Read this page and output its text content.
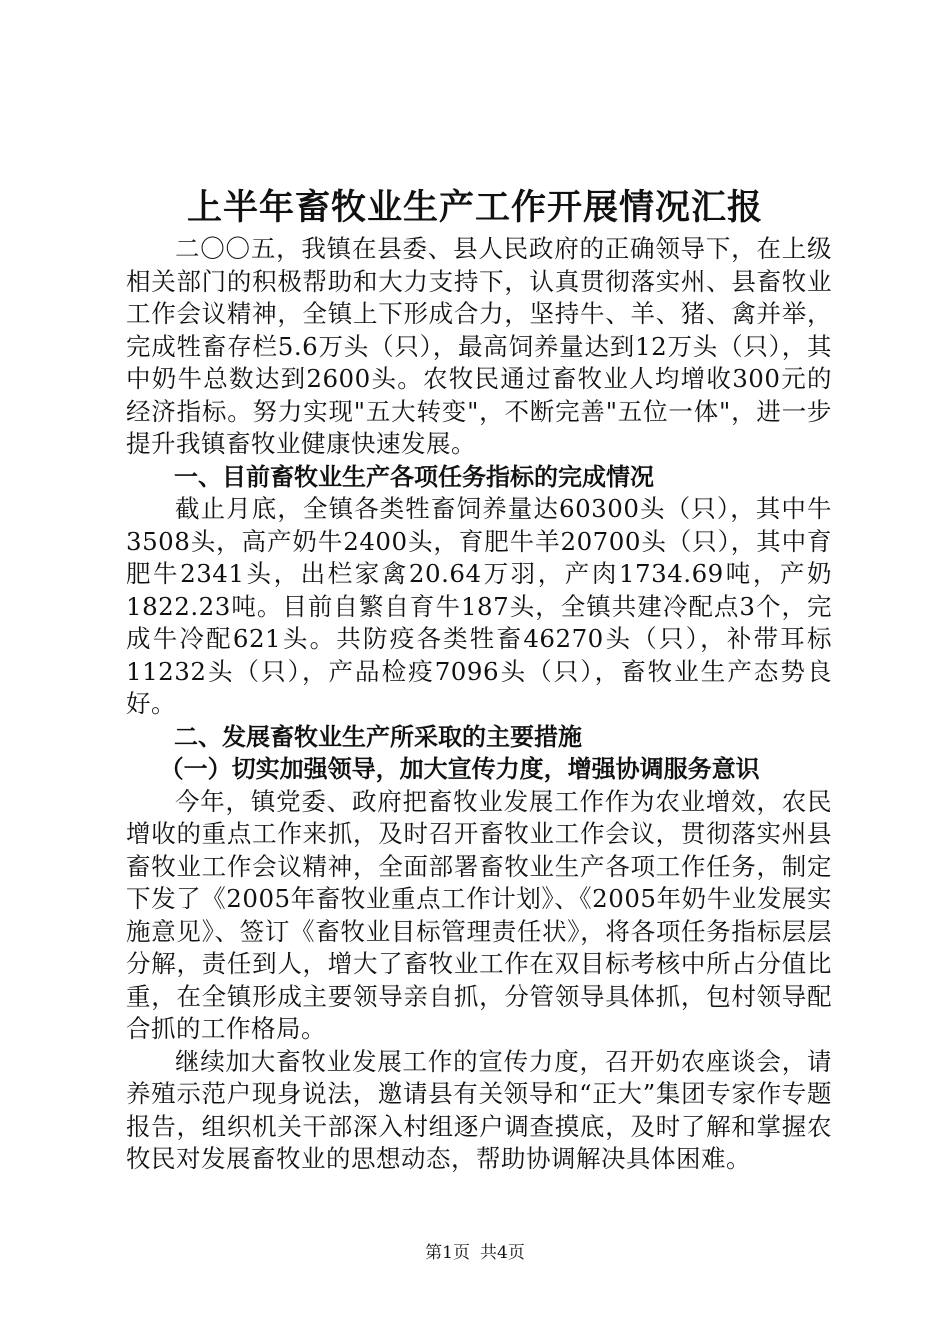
上半年畜牧业生产工作开展情况汇报

二〇〇五，我镇在县委、县人民政府的正确领导下，在上级相关部门的积极帮助和大力支持下，认真贯彻落实州、县畜牧业工作会议精神，全镇上下形成合力，坚持牛、羊、猪、禽并举，完成牲畜存栏5.6万头（只），最高饲养量达到12万头（只），其中奶牛总数达到2600头。农牧民通过畜牧业人均增收300元的经济指标。努力实现"五大转变"，不断完善"五位一体"，进一步提升我镇畜牧业健康快速发展。

一、目前畜牧业生产各项任务指标的完成情况

截止月底，全镇各类牲畜饲养量达60300头（只），其中牛3508头，高产奶牛2400头，育肥牛羊20700头（只），其中育肥牛2341头，出栏家禽20.64万羽，产肉1734.69吨，产奶1822.23吨。目前自繁自育牛187头，全镇共建冷配点3个，完成牛冷配621头。共防疫各类牲畜46270头（只），补带耳标11232头（只），产品检疫7096头（只），畜牧业生产态势良好。

二、发展畜牧业生产所采取的主要措施

（一）切实加强领导，加大宣传力度，增强协调服务意识

今年，镇党委、政府把畜牧业发展工作作为农业增效，农民增收的重点工作来抓，及时召开畜牧业工作会议，贯彻落实州县畜牧业工作会议精神，全面部署畜牧业生产各项工作任务，制定下发了《2005年畜牧业重点工作计划》、《2005年奶牛业发展实施意见》、签订《畜牧业目标管理责任状》，将各项任务指标层层分解，责任到人，增大了畜牧业工作在双目标考核中所占分值比重，在全镇形成主要领导亲自抓，分管领导具体抓，包村领导配合抓的工作格局。

继续加大畜牧业发展工作的宣传力度，召开奶农座谈会，请养殖示范户现身说法，邀请县有关领导和“正大”集团专家作专题报告，组织机关干部深入村组逐户调查摸底，及时了解和掌握农牧民对发展畜牧业的思想动态，帮助协调解决具体困难。

第1页 共4页
